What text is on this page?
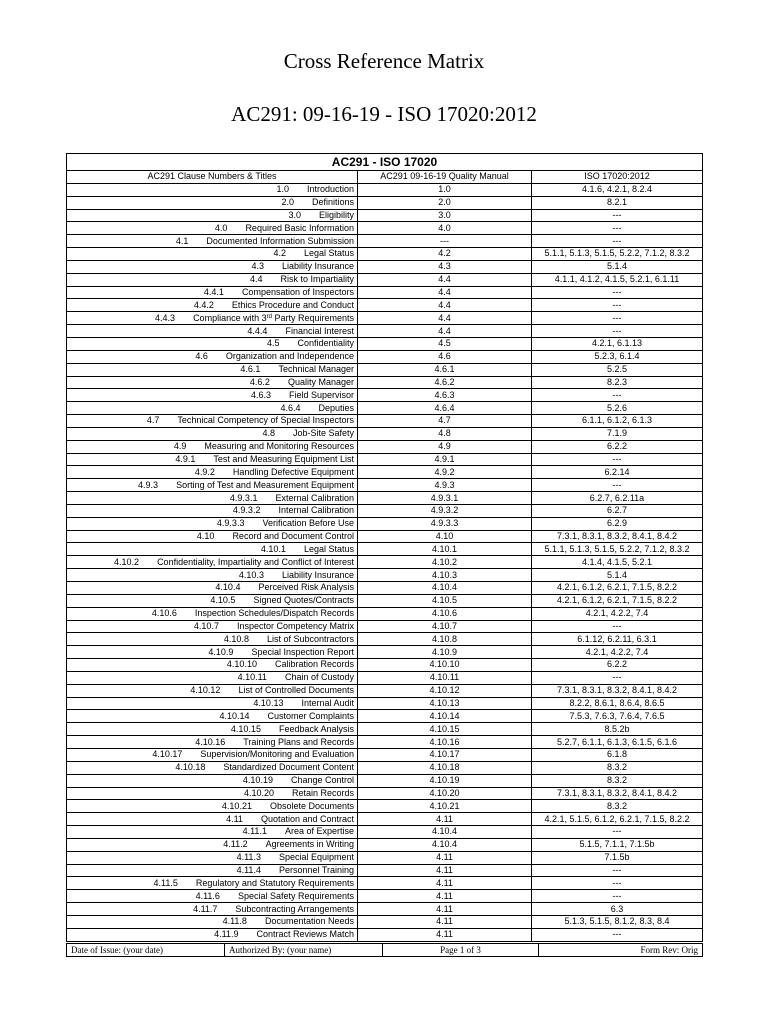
Cross Reference Matrix
AC291: 09-16-19 - ISO 17020:2012
AC291 - ISO 17020		
AC291 Clause Numbers & Titles	AC291 09-16-19 Quality Manual	ISO 17020:2012
1.0 Introduction	1.0	4.1.6, 4.2.1, 8.2.4
2.0 Definitions	2.0	8.2.1
3.0 Eligibility	3.0	---
4.0 Required Basic Information	4.0	---
4.1 Documented Information Submission	---	---
4.2 Legal Status	4.2	5.1.1, 5.1.3, 5.1.5, 5.2.2, 7.1.2, 8.3.2
4.3 Liability Insurance	4.3	5.1.4
4.4 Risk to Impartiality	4.4	4.1.1, 4.1.2, 4.1.5, 5.2.1, 6.1.11
4.4.1 Compensation of Inspectors	4.4	---
4.4.2 Ethics Procedure and Conduct	4.4	---
4.4.3 Compliance with 3rd Party Requirements	4.4	---
4.4.4 Financial Interest	4.4	---
4.5 Confidentiality	4.5	4.2.1, 6.1.13
4.6 Organization and Independence	4.6	5.2.3, 6.1.4
4.6.1 Technical Manager	4.6.1	5.2.5
4.6.2 Quality Manager	4.6.2	8.2.3
4.6.3 Field Supervisor	4.6.3	---
4.6.4 Deputies	4.6.4	5.2.6
4.7 Technical Competency of Special Inspectors	4.7	6.1.1, 6.1.2, 6.1.3
4.8 Job-Site Safety	4.8	7.1.9
4.9 Measuring and Monitoring Resources	4.9	6.2.2
4.9.1 Test and Measuring Equipment List	4.9.1	---
4.9.2 Handling Defective Equipment	4.9.2	6.2.14
4.9.3 Sorting of Test and Measurement Equipment	4.9.3	---
4.9.3.1 External Calibration	4.9.3.1	6.2.7, 6.2.11a
4.9.3.2 Internal Calibration	4.9.3.2	6.2.7
4.9.3.3 Verification Before Use	4.9.3.3	6.2.9
4.10 Record and Document Control	4.10	7.3.1, 8.3.1, 8.3.2, 8.4.1, 8.4.2
4.10.1 Legal Status	4.10.1	5.1.1, 5.1.3, 5.1.5, 5.2.2, 7.1.2, 8.3.2
4.10.2 Confidentiality, Impartiality and Conflict of Interest	4.10.2	4.1.4, 4.1.5, 5.2.1
4.10.3 Liability Insurance	4.10.3	5.1.4
4.10.4 Perceived Risk Analysis	4.10.4	4.2.1, 6.1.2, 6.2.1, 7.1.5, 8.2.2
4.10.5 Signed Quotes/Contracts	4.10.5	4.2.1, 6.1.2, 6.2.1, 7.1.5, 8.2.2
4.10.6 Inspection Schedules/Dispatch Records	4.10.6	4.2.1, 4.2.2, 7.4
4.10.7 Inspector Competency Matrix	4.10.7	---
4.10.8 List of Subcontractors	4.10.8	6.1.12, 6.2.11, 6.3.1
4.10.9 Special Inspection Report	4.10.9	4.2.1, 4.2.2, 7.4
4.10.10 Calibration Records	4.10.10	6.2.2
4.10.11 Chain of Custody	4.10.11	---
4.10.12 List of Controlled Documents	4.10.12	7.3.1, 8.3.1, 8.3.2, 8.4.1, 8.4.2
4.10.13 Internal Audit	4.10.13	8.2.2, 8.6.1, 8.6.4, 8.6.5
4.10.14 Customer Complaints	4.10.14	7.5.3, 7.6.3, 7.6.4, 7.6.5
4.10.15 Feedback Analysis	4.10.15	8.5.2b
4.10.16 Training Plans and Records	4.10.16	5.2.7, 6.1.1, 6.1.3, 6.1.5, 6.1.6
4.10.17 Supervision/Monitoring and Evaluation	4.10.17	6.1.8
4.10.18 Standardized Document Content	4.10.18	8.3.2
4.10.19 Change Control	4.10.19	8.3.2
4.10.20 Retain Records	4.10.20	7.3.1, 8.3.1, 8.3.2, 8.4.1, 8.4.2
4.10.21 Obsolete Documents	4.10.21	8.3.2
4.11 Quotation and Contract	4.11	4.2.1, 5.1.5, 6.1.2, 6.2.1, 7.1.5, 8.2.2
4.11.1 Area of Expertise	4.10.4	---
4.11.2 Agreements in Writing	4.10.4	5.1.5, 7.1.1, 7.1.5b
4.11.3 Special Equipment	4.11	7.1.5b
4.11.4 Personnel Training	4.11	---
4.11.5 Regulatory and Statutory Requirements	4.11	---
4.11.6 Special Safety Requirements	4.11	---
4.11.7 Subcontracting Arrangements	4.11	6.3
4.11.8 Documentation Needs	4.11	5.1.3, 5.1.5, 8.1.2, 8.3, 8.4
4.11.9 Contract Reviews Match	4.11	---
Date of Issue: (your date)	Authorized By: (your name)	Page 1 of 3	Form Rev: Orig
